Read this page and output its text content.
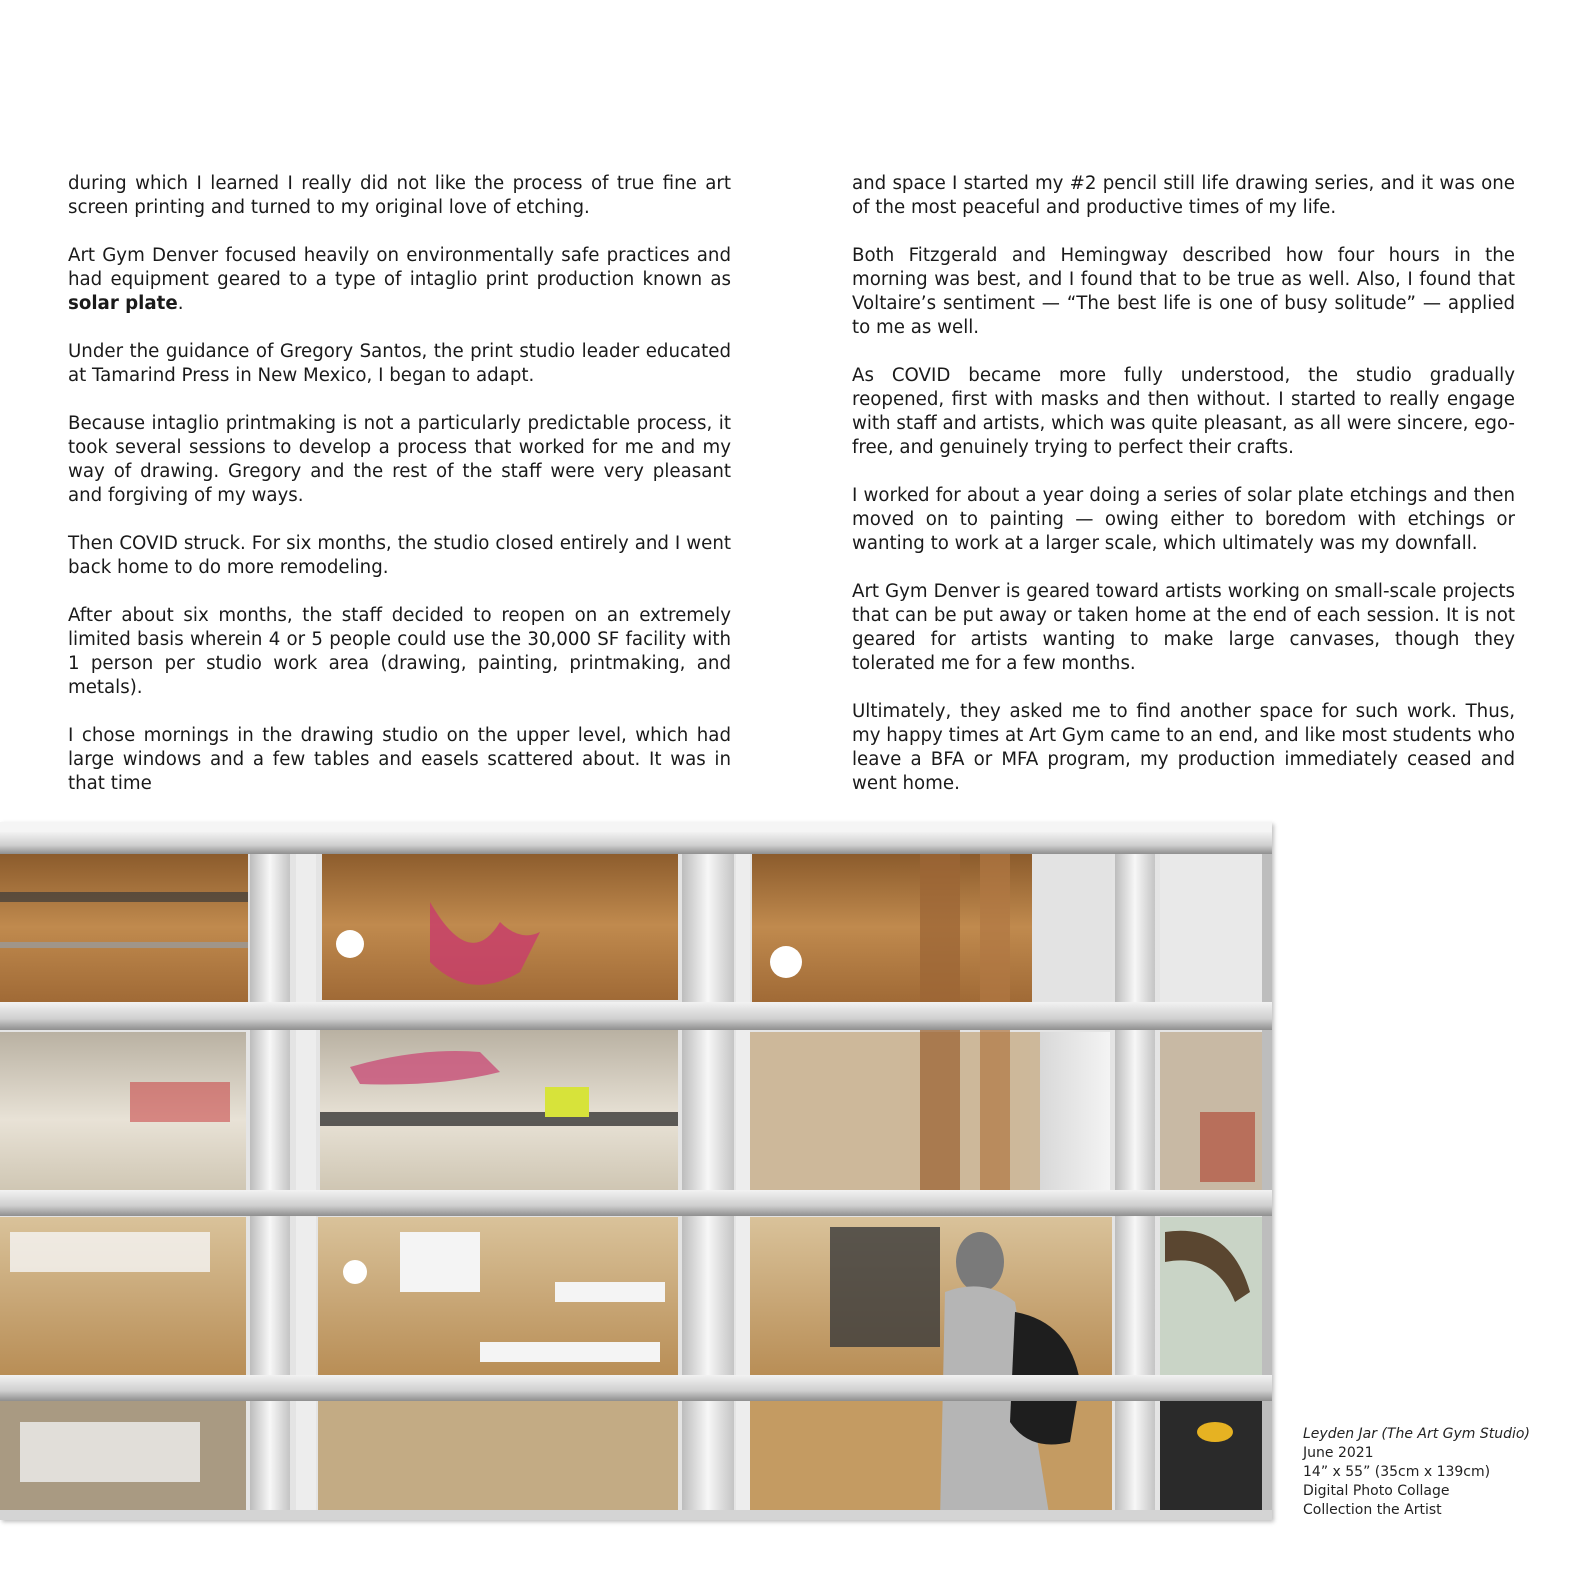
during which I learned I really did not like the process of true fine art screen printing and turned to my original love of etching.

Art Gym Denver focused heavily on environmentally safe practices and had equipment geared to a type of intaglio print production known as solar plate.

Under the guidance of Gregory Santos, the print studio leader educated at Tamarind Press in New Mexico, I began to adapt.

Because intaglio printmaking is not a particularly predictable process, it took several sessions to develop a process that worked for me and my way of drawing. Gregory and the rest of the staff were very pleasant and forgiving of my ways.

Then COVID struck. For six months, the studio closed entirely and I went back home to do more remodeling.

After about six months, the staff decided to reopen on an extremely limited basis wherein 4 or 5 people could use the 30,000 SF facility with 1 person per studio work area (drawing, painting, printmaking, and metals).

I chose mornings in the drawing studio on the upper level, which had large windows and a few tables and easels scattered about. It was in that time

and space I started my #2 pencil still life drawing series, and it was one of the most peaceful and productive times of my life.

Both Fitzgerald and Hemingway described how four hours in the morning was best, and I found that to be true as well. Also, I found that Voltaire’s sentiment — “The best life is one of busy solitude” — applied to me as well.

As COVID became more fully understood, the studio gradually reopened, first with masks and then without. I started to really engage with staff and artists, which was quite pleasant, as all were sincere, ego-free, and genuinely trying to perfect their crafts.

I worked for about a year doing a series of solar plate etchings and then moved on to painting — owing either to boredom with etchings or wanting to work at a larger scale, which ultimately was my downfall.

Art Gym Denver is geared toward artists working on small-scale projects that can be put away or taken home at the end of each session. It is not geared for artists wanting to make large canvases, though they tolerated me for a few months.

Ultimately, they asked me to find another space for such work. Thus, my happy times at Art Gym came to an end, and like most students who leave a BFA or MFA program, my production immediately ceased and went home.

Leyden Jar (The Art Gym Studio)
June 2021
14” x 55” (35cm x 139cm)
Digital Photo Collage
Collection the Artist
